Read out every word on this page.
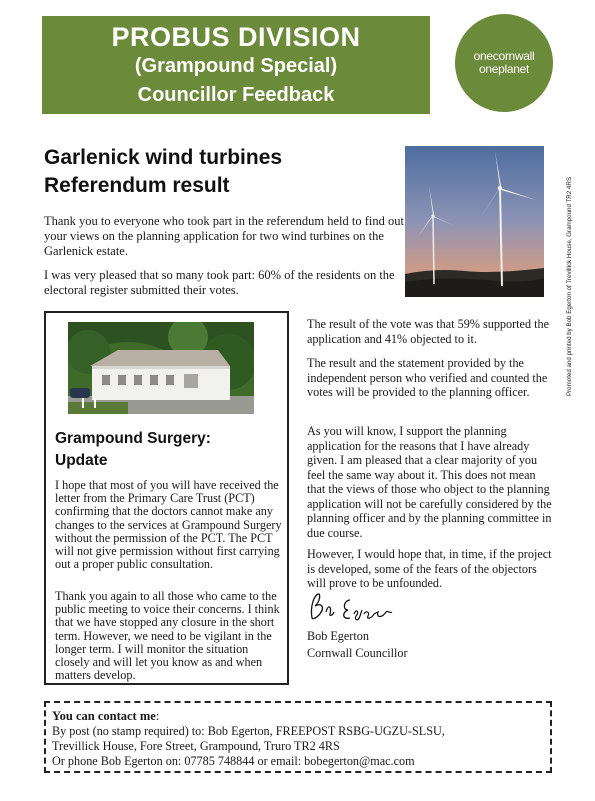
PROBUS DIVISION
(Grampound Special)
Councillor Feedback
onecornwall
oneplanet
Garlenick wind turbines
Referendum result	Promoted and printed by Bob Egerton of Trevillick House, Grampound TR2 4RS

Thank you to everyone who took part in the referendum held to find out your views on the planning application for two wind turbines on the Garlenick estate.

I was very pleased that so many took part: 60% of the residents on the electoral register submitted their votes.

Grampound Surgery:
Update

I hope that most of you will have received the letter from the Primary Care Trust (PCT) confirming that the doctors cannot make any changes to the services at Grampound Surgery without the permission of the PCT. The PCT will not give permission without first carrying out a proper public consultation.

Thank you again to all those who came to the public meeting to voice their concerns. I think that we have stopped any closure in the short term. However, we need to be vigilant in the longer term. I will monitor the situation closely and will let you know as and when matters develop.

The result of the vote was that 59% supported the application and 41% objected to it.

The result and the statement provided by the independent person who verified and counted the votes will be provided to the planning officer.

As you will know, I support the planning application for the reasons that I have already given. I am pleased that a clear majority of you feel the same way about it. This does not mean that the views of those who object to the planning application will not be carefully considered by the planning officer and by the planning committee in due course.

However, I would hope that, in time, if the project is developed, some of the fears of the objectors will prove to be unfounded.

Bob Egerton
Cornwall Councillor
You can contact me:
By post (no stamp required) to: Bob Egerton, FREEPOST RSBG-UGZU-SLSU,
Trevillick House, Fore Street, Grampound, Truro TR2 4RS
Or phone Bob Egerton on: 07785 748844 or email: bobegerton@mac.com
